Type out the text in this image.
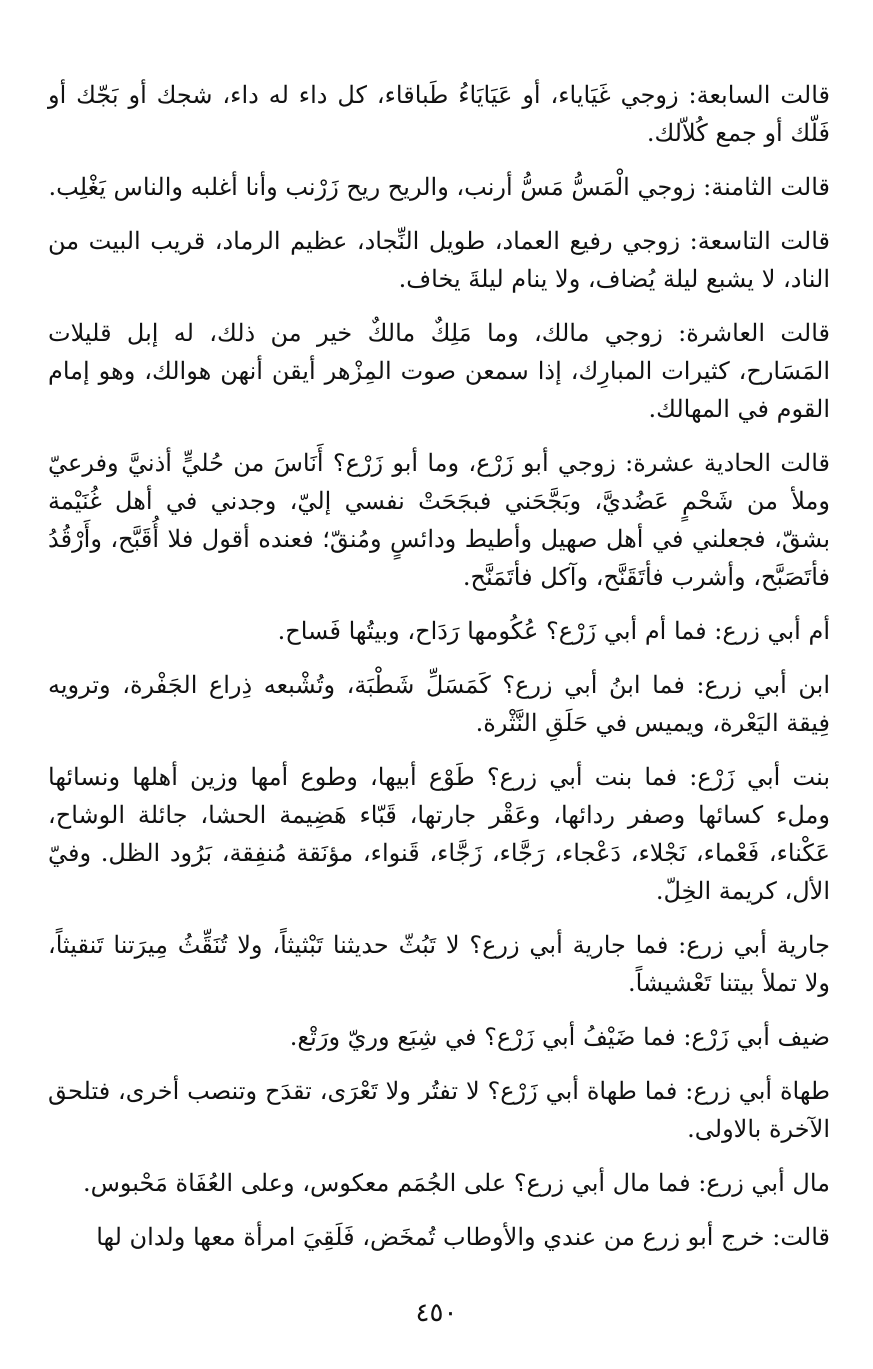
قالت السابعة: زوجي غَيَاياء، أو عَيَايَاءُ طَباقاء، كل داء له داء، شجك أو بَجّك أو فَلّك أو جمع كُلاّلك.

قالت الثامنة: زوجي الْمَسُّ مَسُّ أرنب، والريح ريح زَرْنب وأنا أغلبه والناس يَغْلِب.

قالت التاسعة: زوجي رفيع العماد، طويل النِّجاد، عظيم الرماد، قريب البيت من الناد، لا يشبع ليلة يُضاف، ولا ينام ليلةَ يخاف.

قالت العاشرة: زوجي مالك، وما مَلِكٌ مالكٌ خير من ذلك، له إبل قليلات المَسَارح، كثيرات المبارِك، إذا سمعن صوت المِزْهر أيقن أنهن هوالك، وهو إمام القوم في المهالك.

قالت الحادية عشرة: زوجي أبو زَرْع، وما أبو زَرْع؟ أَنَاسَ من حُليٍّ أذنيَّ وفرعيّ وملأ من شَحْمٍ عَضُديَّ، وبَجَّحَني فبجَحَتْ نفسي إليّ، وجدني في أهل غُنَيْمة بشقّ، فجعلني في أهل صهيل وأطيط ودائسٍ ومُنقّ؛ فعنده أقول فلا أُقَبَّح، وأَرْقُدُ فأتَصَبَّح، وأشرب فأتَقَنَّح، وآكل فأتَمَنَّح.

أم أبي زرع: فما أم أبي زَرْع؟ عُكُومها رَدَاح، وبيتُها فَساح.

ابن أبي زرع: فما ابنُ أبي زرع؟ كَمَسَلِّ شَطْبَة، وتُشْبعه ذِراع الجَفْرة، وترويه فِيقة اليَعْرة، ويميس في حَلَقِ النَّثْرة.

بنت أبي زَرْع: فما بنت أبي زرع؟ طَوْع أبيها، وطوع أمها وزين أهلها ونسائها وملء كسائها وصفر ردائها، وعَقْر جارتها، قَبّاء هَضِيمة الحشا، جائلة الوشاح، عَكْناء، فَعْماء، نَجْلاء، دَعْجاء، رَجَّاء، زَجَّاء، قَنواء، مؤنَقة مُنفِقة، بَرُود الظل. وفيّ الأل، كريمة الخِلّ.

جارية أبي زرع: فما جارية أبي زرع؟ لا تَبُثّ حديثنا تَبْثيثاً، ولا تُنَقِّثُ مِيرَتنا تَنقيثاً، ولا تملأ بيتنا تَعْشيشاً.

ضيف أبي زَرْع: فما ضَيْفُ أبي زَرْع؟ في شِبَع وريّ ورَتْع.

طهاة أبي زرع: فما طهاة أبي زَرْع؟ لا تفتُر ولا تَعْرَى، تقدَح وتنصب أخرى، فتلحق الآخرة بالاولى.

مال أبي زرع: فما مال أبي زرع؟ على الجُمَم معكوس، وعلى العُفَاة مَحْبوس.

قالت: خرج أبو زرع من عندي والأوطاب تُمخَض، فَلَقِيَ امرأة معها ولدان لها

٤٥٠
